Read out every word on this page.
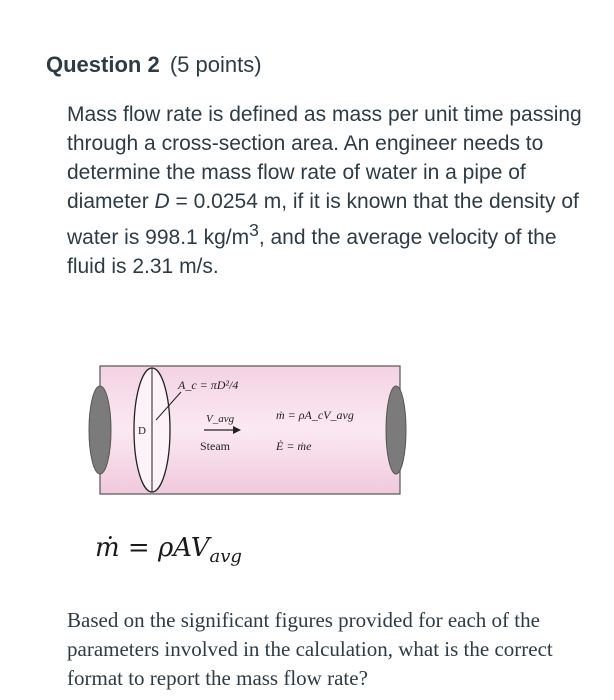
Question 2 (5 points)

Mass flow rate is defined as mass per unit time passing through a cross-section area. An engineer needs to determine the mass flow rate of water in a pipe of diameter D = 0.0254 m, if it is known that the density of water is 998.1 $kg/m^3$, and the average velocity of the fluid is 2.31 m/s.

D
A_c = πD²/4
V_avg
Steam
ṁ = ρA_cV_avg
Ė = ṁe
ṁ = ρAV$_{avg}$
Based on the significant figures provided for each of the parameters involved in the calculation, what is the correct format to report the mass flow rate?
